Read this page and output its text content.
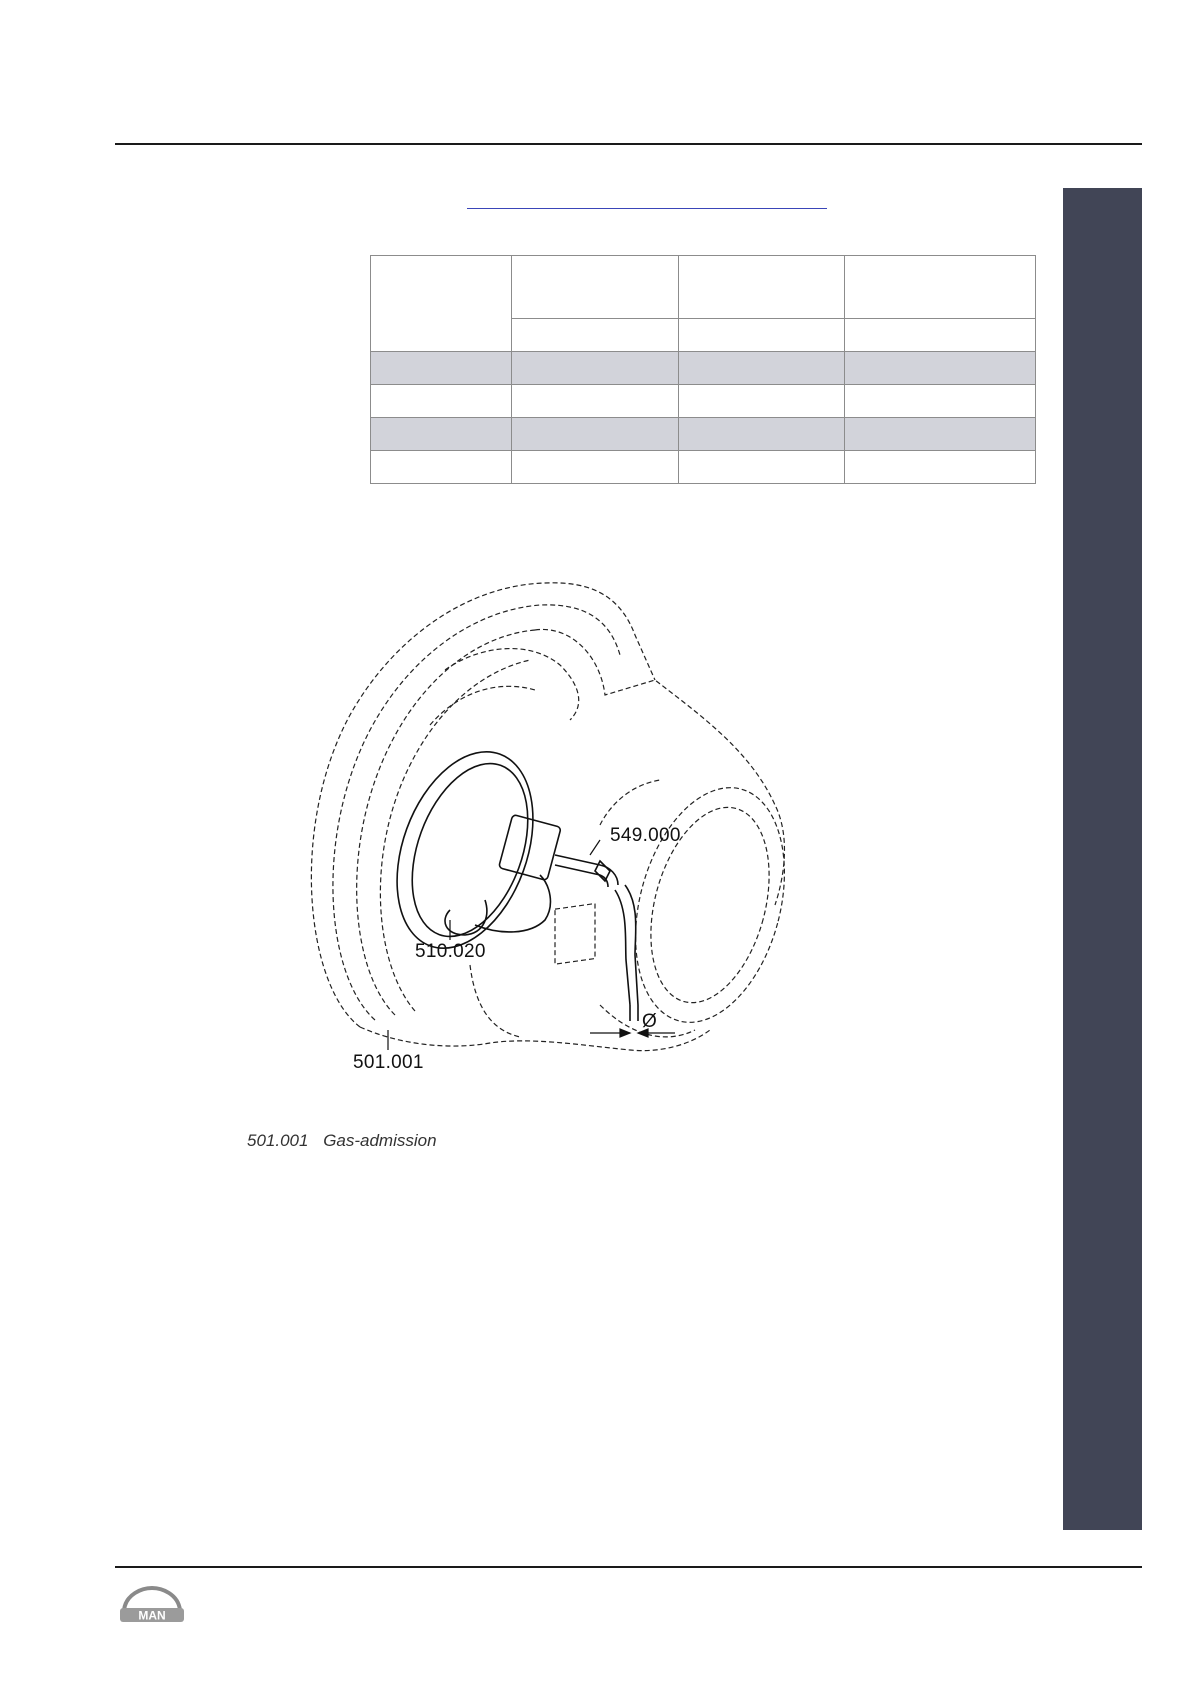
549.000
510.020
501.001
Ø
501.001 Gas-admission
MAN
